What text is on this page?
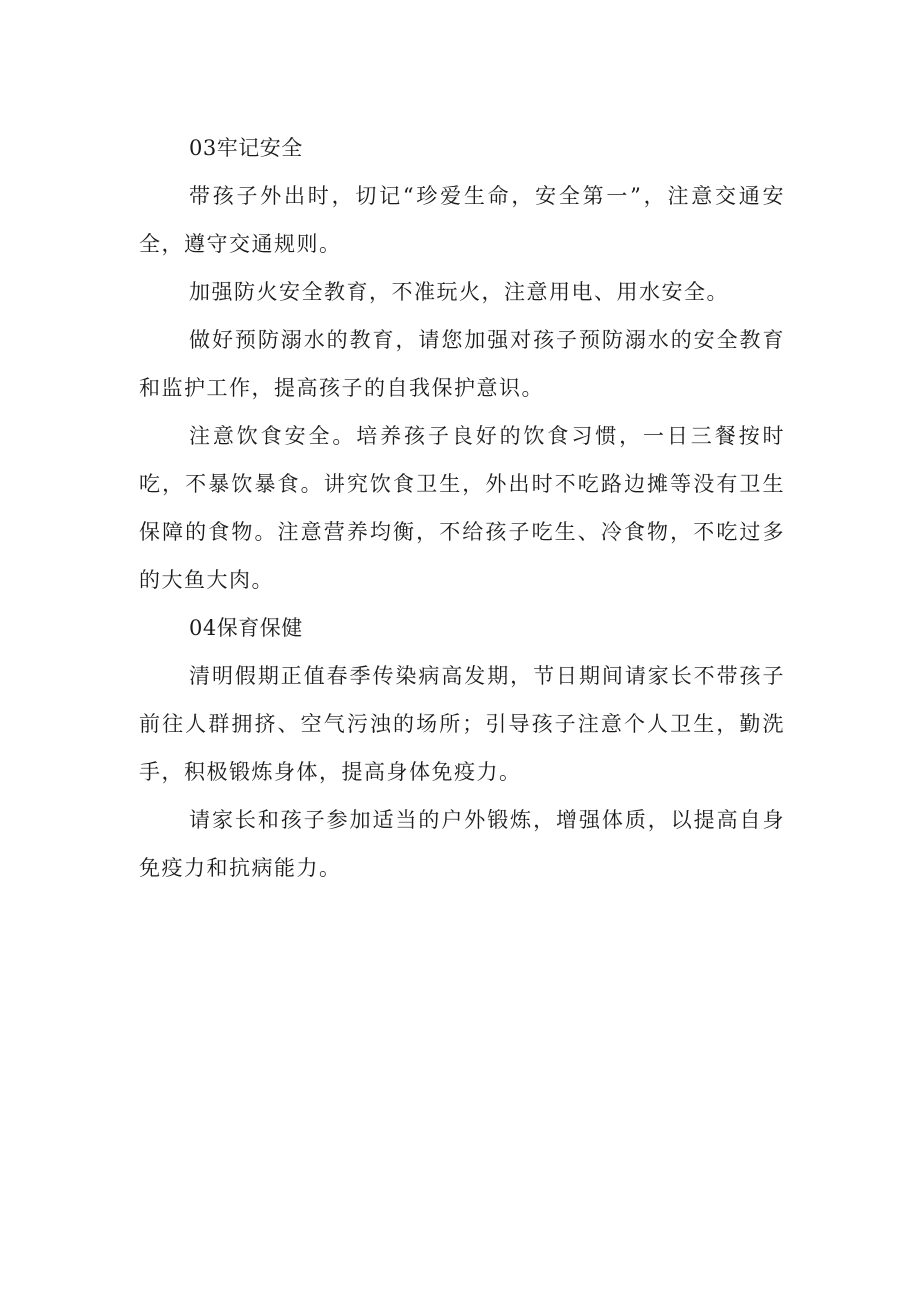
03牢记安全

带孩子外出时，切记“珍爱生命，安全第一”，注意交通安全，遵守交通规则。

加强防火安全教育，不准玩火，注意用电、用水安全。

做好预防溺水的教育，请您加强对孩子预防溺水的安全教育和监护工作，提高孩子的自我保护意识。

注意饮食安全。培养孩子良好的饮食习惯，一日三餐按时吃，不暴饮暴食。讲究饮食卫生，外出时不吃路边摊等没有卫生保障的食物。注意营养均衡，不给孩子吃生、冷食物，不吃过多的大鱼大肉。

04保育保健

清明假期正值春季传染病高发期，节日期间请家长不带孩子前往人群拥挤、空气污浊的场所；引导孩子注意个人卫生，勤洗手，积极锻炼身体，提高身体免疫力。

请家长和孩子参加适当的户外锻炼，增强体质，以提高自身免疫力和抗病能力。
